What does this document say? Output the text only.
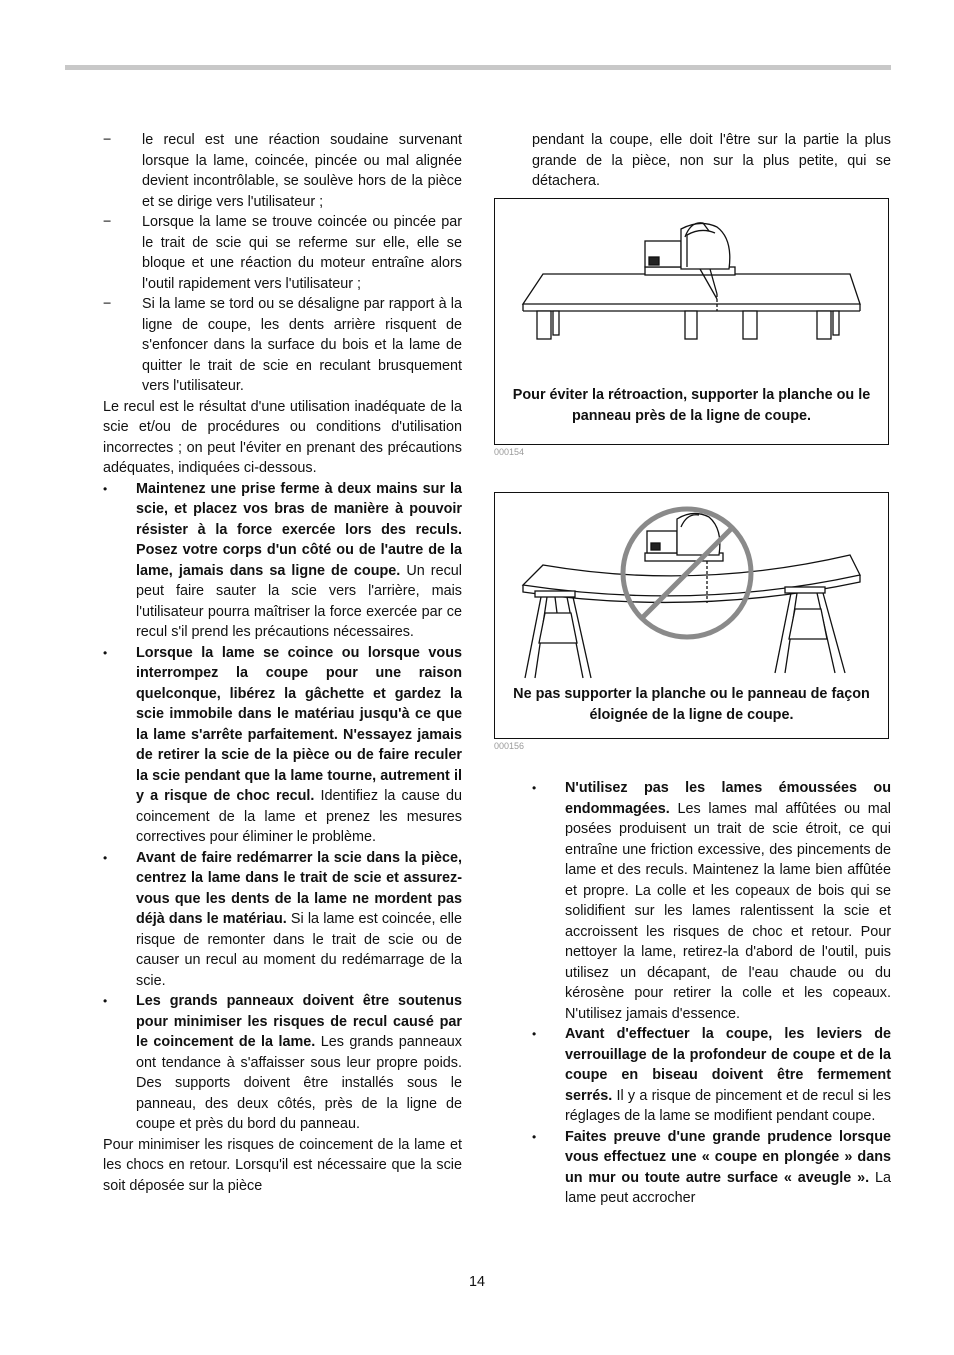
− le recul est une réaction soudaine survenant lorsque la lame, coincée, pincée ou mal alignée devient incontrôlable, se soulève hors de la pièce et se dirige vers l'utilisateur ;
− Lorsque la lame se trouve coincée ou pincée par le trait de scie qui se referme sur elle, elle se bloque et une réaction du moteur entraîne alors l'outil rapidement vers l'utilisateur ;
− Si la lame se tord ou se désaligne par rapport à la ligne de coupe, les dents arrière risquent de s'enfoncer dans la surface du bois et la lame de quitter le trait de scie en reculant brusquement vers l'utilisateur.

Le recul est le résultat d'une utilisation inadéquate de la scie et/ou de procédures ou conditions d'utilisation incorrectes ; on peut l'éviter en prenant des précautions adéquates, indiquées ci-dessous.

• Maintenez une prise ferme à deux mains sur la scie, et placez vos bras de manière à pouvoir résister à la force exercée lors des reculs. Posez votre corps d'un côté ou de l'autre de la lame, jamais dans sa ligne de coupe. Un recul peut faire sauter la scie vers l'arrière, mais l'utilisateur pourra maîtriser la force exercée par ce recul s'il prend les précautions nécessaires.
• Lorsque la lame se coince ou lorsque vous interrompez la coupe pour une raison quelconque, libérez la gâchette et gardez la scie immobile dans le matériau jusqu'à ce que la lame s'arrête parfaitement. N'essayez jamais de retirer la scie de la pièce ou de faire reculer la scie pendant que la lame tourne, autrement il y a risque de choc recul. Identifiez la cause du coincement de la lame et prenez les mesures correctives pour éliminer le problème.
• Avant de faire redémarrer la scie dans la pièce, centrez la lame dans le trait de scie et assurez-vous que les dents de la lame ne mordent pas déjà dans le matériau. Si la lame est coincée, elle risque de remonter dans le trait de scie ou de causer un recul au moment du redémarrage de la scie.
• Les grands panneaux doivent être soutenus pour minimiser les risques de recul causé par le coincement de la lame. Les grands panneaux ont tendance à s'affaisser sous leur propre poids. Des supports doivent être installés sous le panneau, des deux côtés, près de la ligne de coupe et près du bord du panneau.

Pour minimiser les risques de coincement de la lame et les chocs en retour. Lorsqu'il est nécessaire que la scie soit déposée sur la pièce

pendant la coupe, elle doit l'être sur la partie la plus grande de la pièce, non sur la plus petite, qui se détachera.

Pour éviter la rétroaction, supporter la planche ou le panneau près de la ligne de coupe.
000154
Ne pas supporter la planche ou le panneau de façon éloignée de la ligne de coupe.
000156
• N'utilisez pas les lames émoussées ou endommagées. Les lames mal affûtées ou mal posées produisent un trait de scie étroit, ce qui entraîne une friction excessive, des pincements de lame et des reculs. Maintenez la lame bien affûtée et propre. La colle et les copeaux de bois qui se solidifient sur les lames ralentissent la scie et accroissent les risques de choc et retour. Pour nettoyer la lame, retirez-la d'abord de l'outil, puis utilisez un décapant, de l'eau chaude ou du kérosène pour retirer la colle et les copeaux. N'utilisez jamais d'essence.
• Avant d'effectuer la coupe, les leviers de verrouillage de la profondeur de coupe et de la coupe en biseau doivent être fermement serrés. Il y a risque de pincement et de recul si les réglages de la lame se modifient pendant coupe.
• Faites preuve d'une grande prudence lorsque vous effectuez une « coupe en plongée » dans un mur ou toute autre surface « aveugle ». La lame peut accrocher
14
